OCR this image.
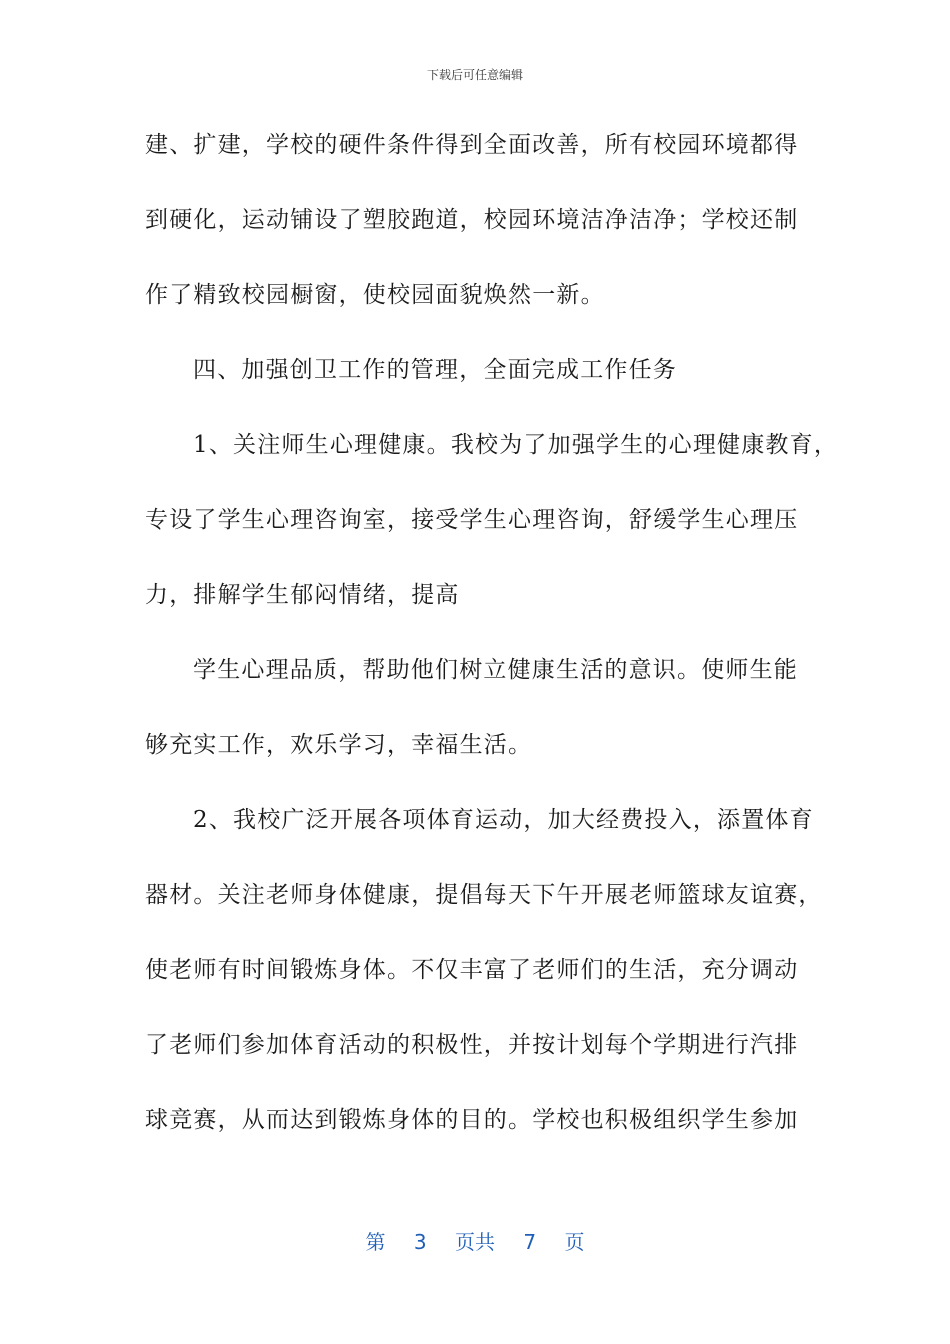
下载后可任意编辑
建、扩建，学校的硬件条件得到全面改善，所有校园环境都得
到硬化，运动铺设了塑胶跑道，校园环境洁净洁净；学校还制
作了精致校园橱窗，使校园面貌焕然一新。
四、加强创卫工作的管理，全面完成工作任务
1、关注师生心理健康。我校为了加强学生的心理健康教育，
专设了学生心理咨询室，接受学生心理咨询，舒缓学生心理压
力，排解学生郁闷情绪，提高
学生心理品质，帮助他们树立健康生活的意识。使师生能
够充实工作，欢乐学习，幸福生活。
2、我校广泛开展各项体育运动，加大经费投入，添置体育
器材。关注老师身体健康，提倡每天下午开展老师篮球友谊赛，
使老师有时间锻炼身体。不仅丰富了老师们的生活，充分调动
了老师们参加体育活动的积极性，并按计划每个学期进行汽排
球竞赛，从而达到锻炼身体的目的。学校也积极组织学生参加
第 3 页共 7 页
